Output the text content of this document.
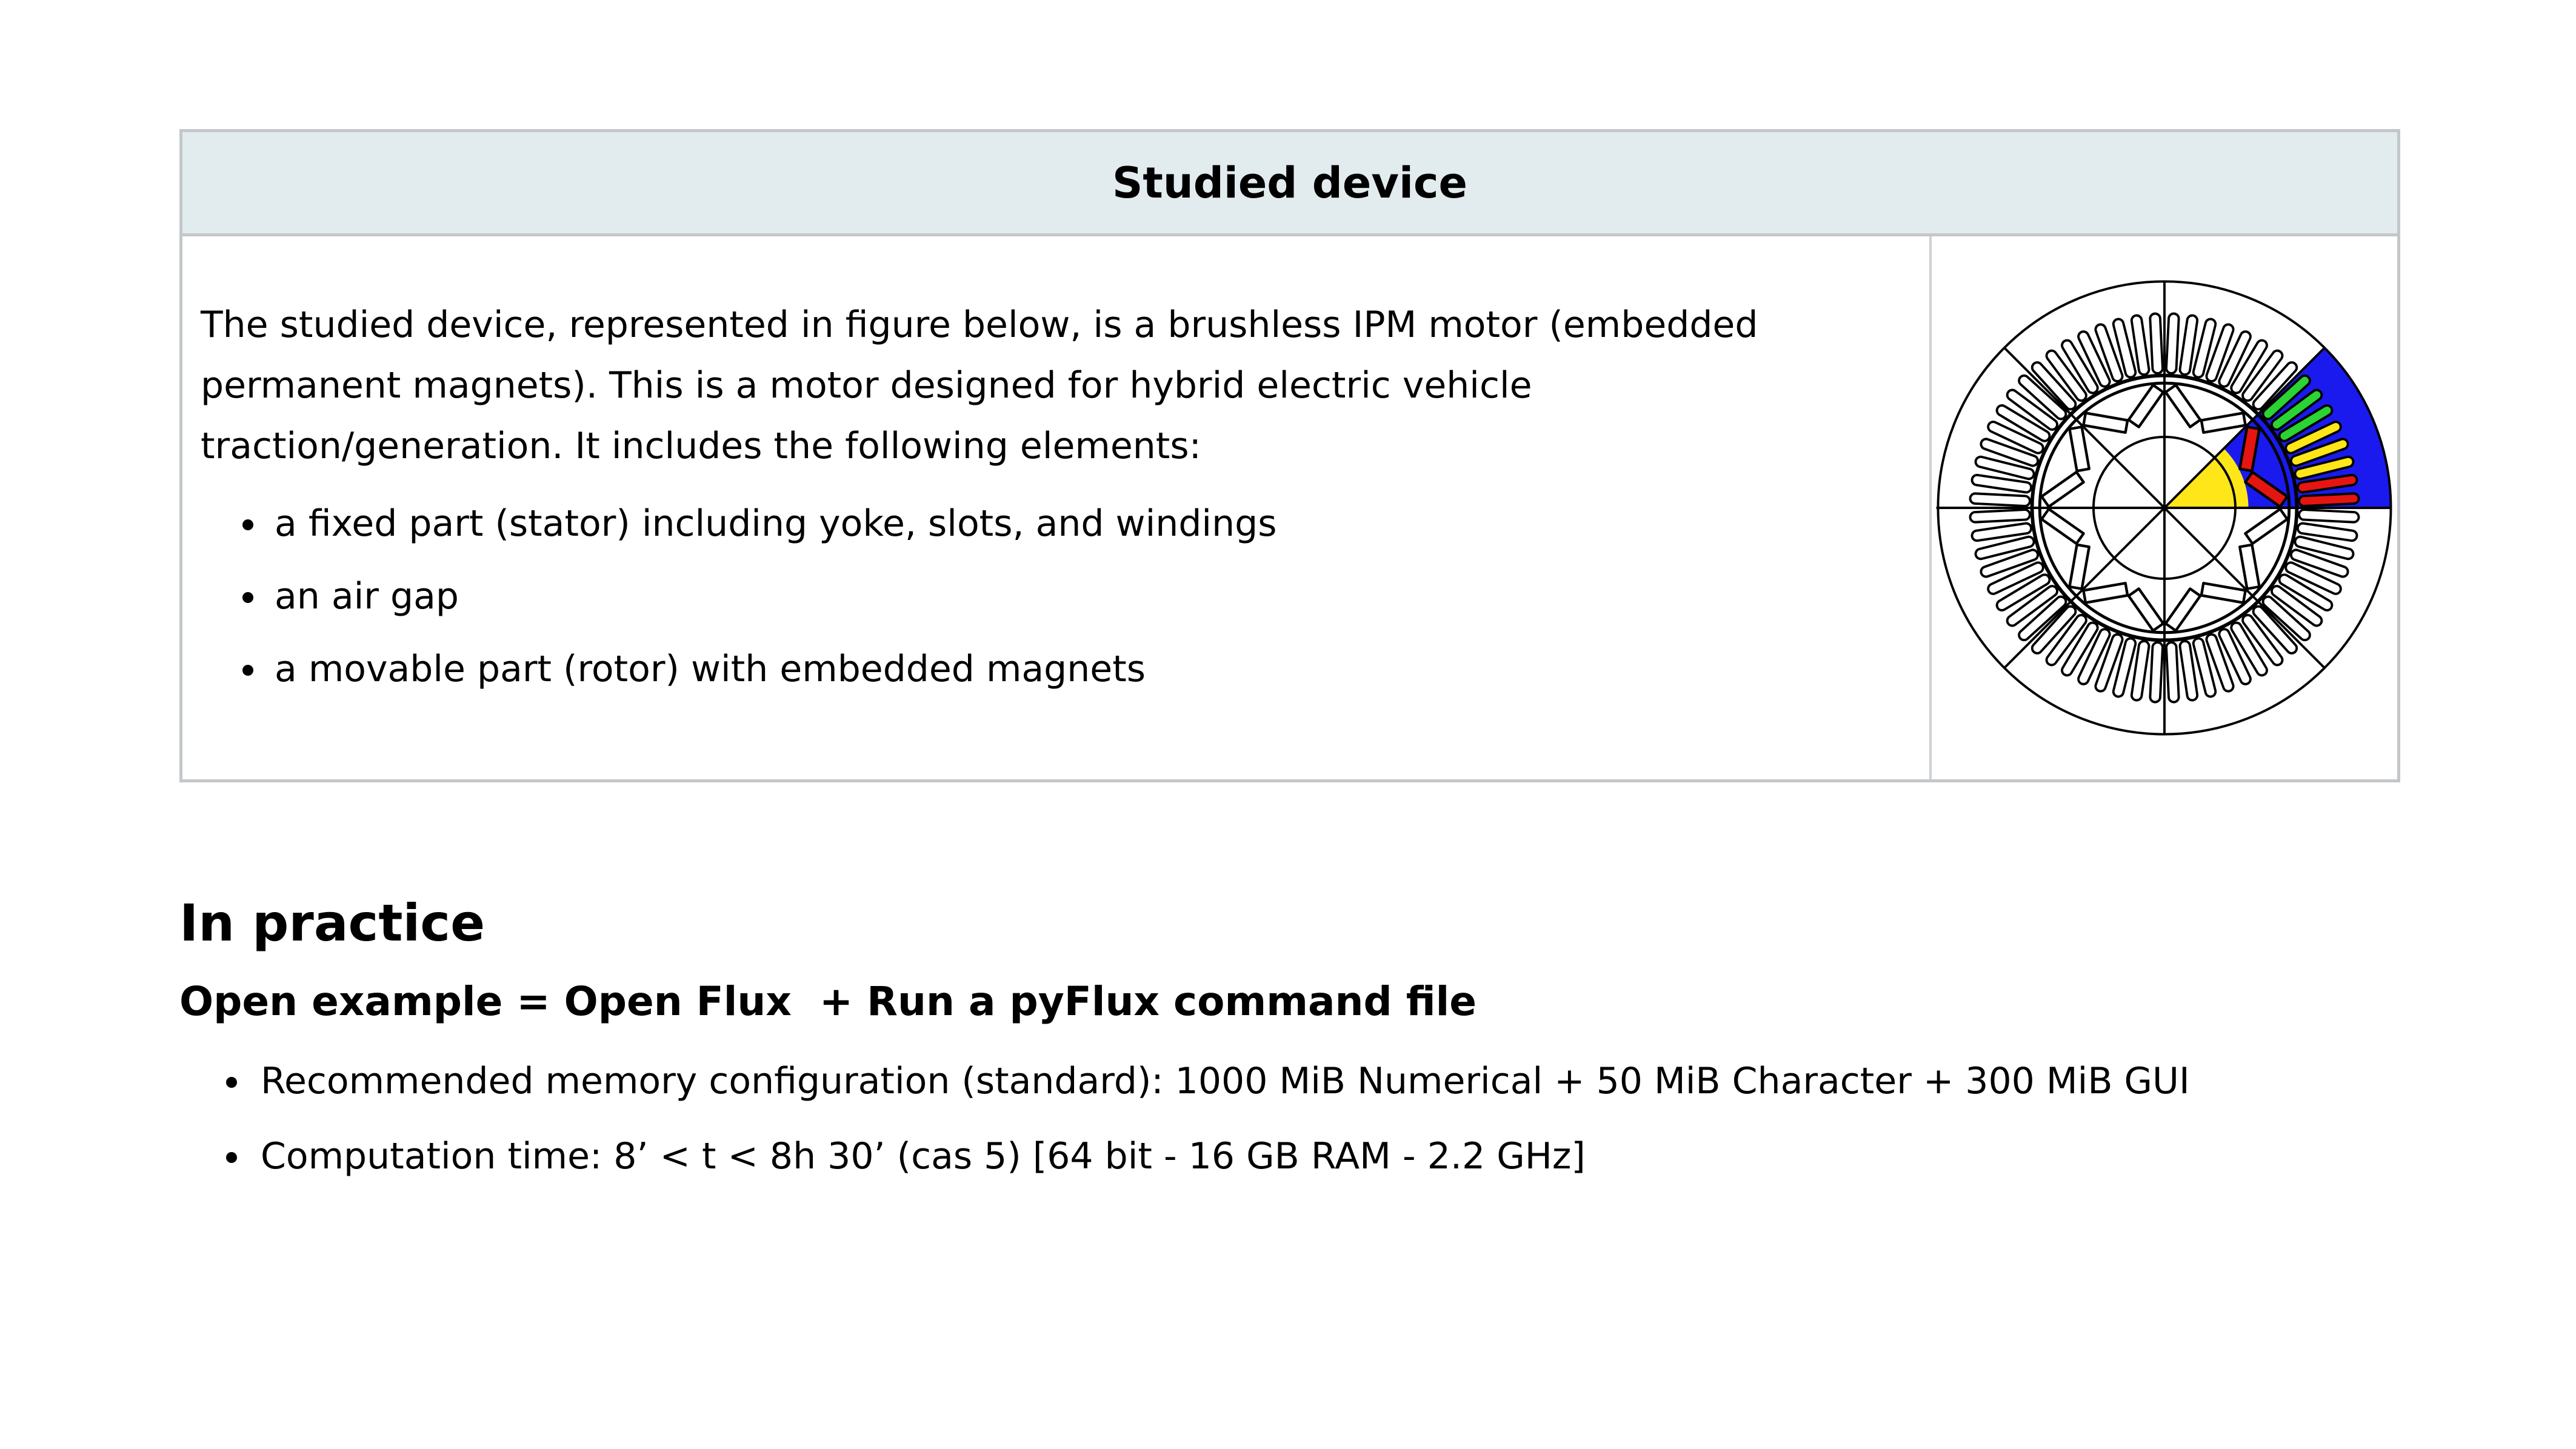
Studied device

The studied device, represented in figure below, is a brushless IPM motor (embedded permanent magnets). This is a motor designed for hybrid electric vehicle traction/generation. It includes the following elements:

• a fixed part (stator) including yoke, slots, and windings
• an air gap
• a movable part (rotor) with embedded magnets
In practice
Open example = Open Flux  + Run a pyFlux command file
• Recommended memory configuration (standard): 1000 MiB Numerical + 50 MiB Character + 300 MiB GUI
• Computation time: 8’ < t < 8h 30’ (cas 5) [64 bit - 16 GB RAM - 2.2 GHz]
